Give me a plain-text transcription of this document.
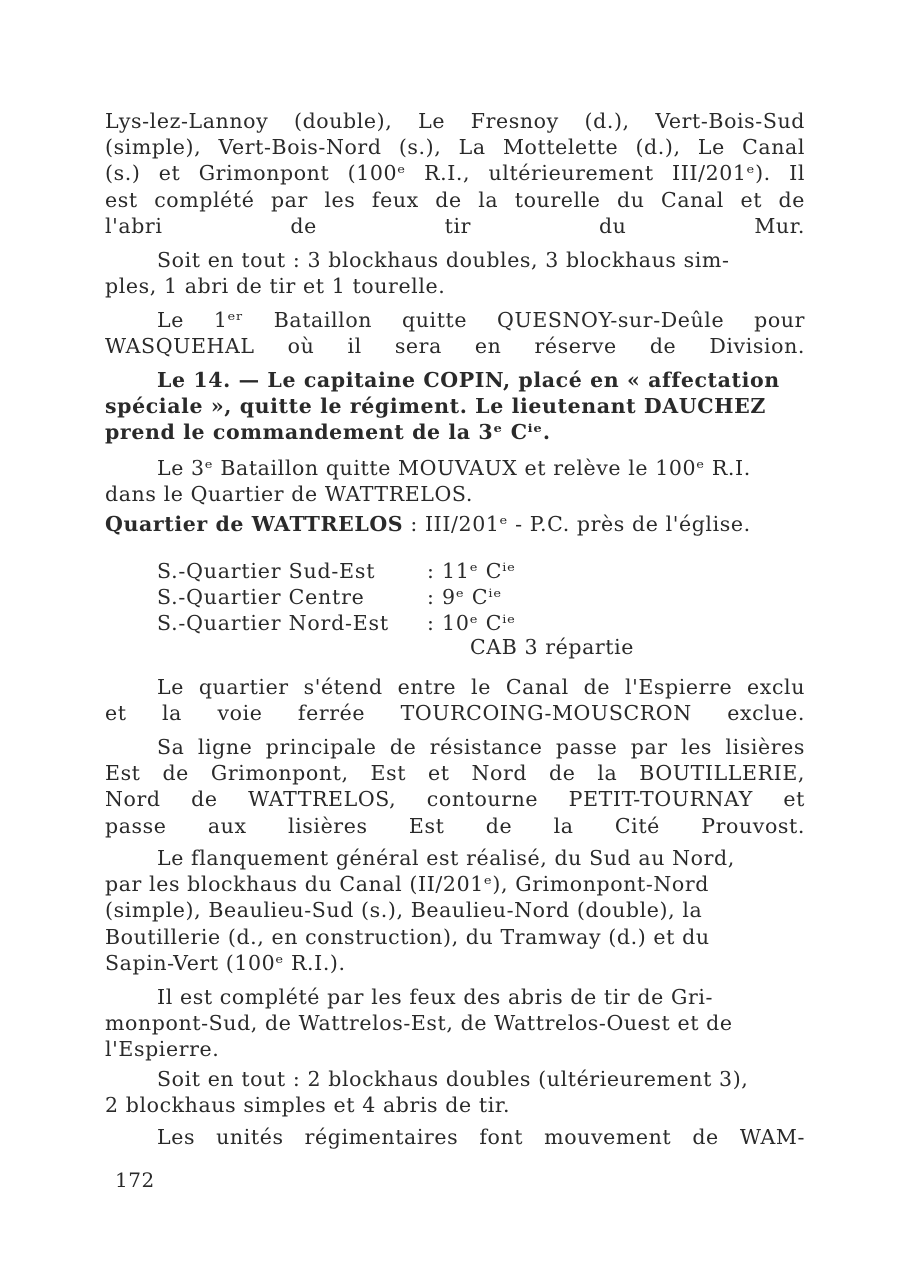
Lys-lez-Lannoy (double), Le Fresnoy (d.), Vert-Bois-Sud
(simple), Vert-Bois-Nord (s.), La Mottelette (d.), Le Canal
(s.) et Grimonpont (100ᵉ R.I., ultérieurement III/201ᵉ). Il
est complété par les feux de la tourelle du Canal et de
l'abri de tir du Mur.

Soit en tout : 3 blockhaus doubles, 3 blockhaus sim-
ples, 1 abri de tir et 1 tourelle.

Le 1ᵉʳ Bataillon quitte QUESNOY-sur-Deûle pour
WASQUEHAL où il sera en réserve de Division.

Le 14. — Le capitaine COPIN, placé en « affectation
spéciale », quitte le régiment. Le lieutenant DAUCHEZ
prend le commandement de la 3ᵉ Cⁱᵉ.

Le 3ᵉ Bataillon quitte MOUVAUX et relève le 100ᵉ R.I.
dans le Quartier de WATTRELOS.

Quartier de WATTRELOS : III/201ᵉ - P.C. près de l'église.
S.-Quartier Sud-Est	: 11ᵉ Cⁱᵉ
S.-Quartier Centre	: 9ᵉ Cⁱᵉ
S.-Quartier Nord-Est	: 10ᵉ Cⁱᵉ
CAB 3 répartie

Le quartier s'étend entre le Canal de l'Espierre exclu
et la voie ferrée TOURCOING-MOUSCRON exclue.

Sa ligne principale de résistance passe par les lisières
Est de Grimonpont, Est et Nord de la BOUTILLERIE,
Nord de WATTRELOS, contourne PETIT-TOURNAY et
passe aux lisières Est de la Cité Prouvost.

Le flanquement général est réalisé, du Sud au Nord,
par les blockhaus du Canal (II/201ᵉ), Grimonpont-Nord
(simple), Beaulieu-Sud (s.), Beaulieu-Nord (double), la
Boutillerie (d., en construction), du Tramway (d.) et du
Sapin-Vert (100ᵉ R.I.).

Il est complété par les feux des abris de tir de Gri-
monpont-Sud, de Wattrelos-Est, de Wattrelos-Ouest et de
l'Espierre.

Soit en tout : 2 blockhaus doubles (ultérieurement 3),
2 blockhaus simples et 4 abris de tir.

Les unités régimentaires font mouvement de WAM-

172
